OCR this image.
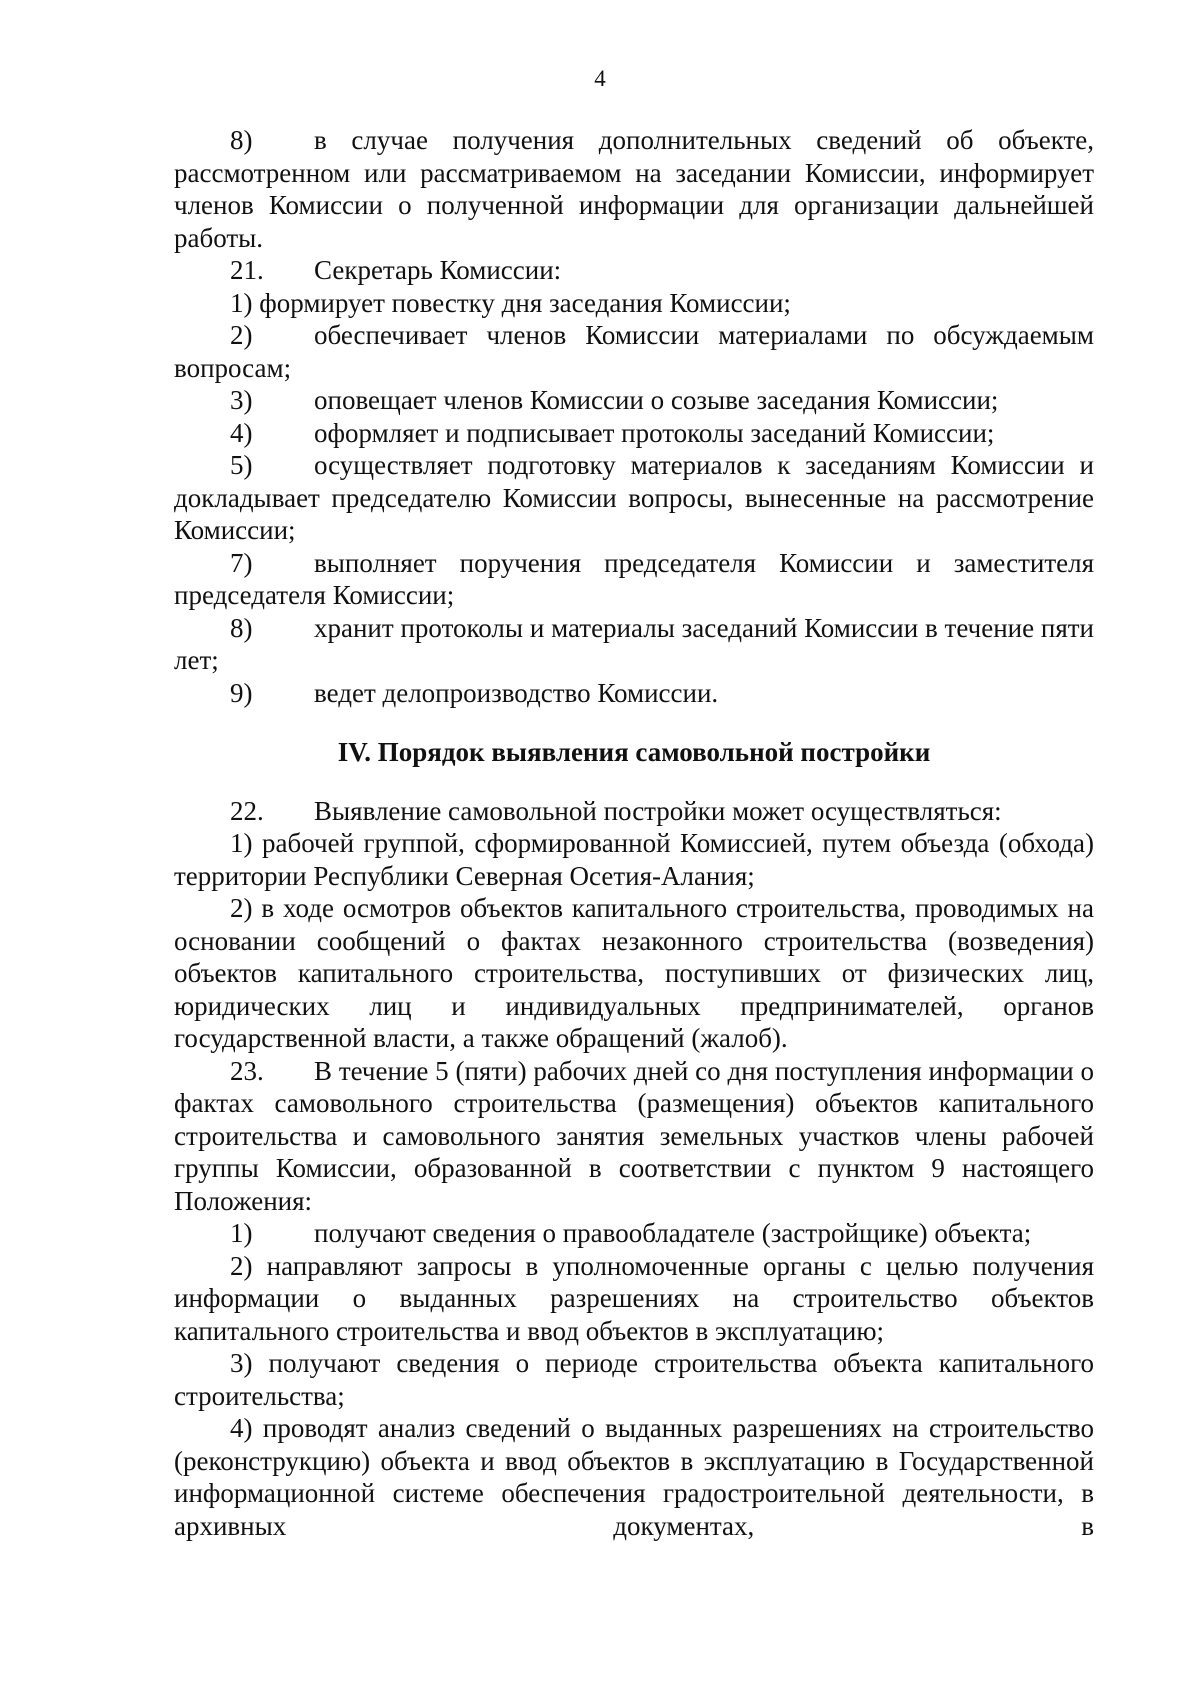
4
8) в случае получения дополнительных сведений об объекте, рассмотренном или рассматриваемом на заседании Комиссии, информирует членов Комиссии о полученной информации для организации дальнейшей работы.
21. Секретарь Комиссии:
1) формирует повестку дня заседания Комиссии;
2) обеспечивает членов Комиссии материалами по обсуждаемым вопросам;
3) оповещает членов Комиссии о созыве заседания Комиссии;
4) оформляет и подписывает протоколы заседаний Комиссии;
5) осуществляет подготовку материалов к заседаниям Комиссии и докладывает председателю Комиссии вопросы, вынесенные на рассмотрение Комиссии;
7) выполняет поручения председателя Комиссии и заместителя председателя Комиссии;
8) хранит протоколы и материалы заседаний Комиссии в течение пяти лет;
9) ведет делопроизводство Комиссии.
IV. Порядок выявления самовольной постройки
22. Выявление самовольной постройки может осуществляться:
1) рабочей группой, сформированной Комиссией, путем объезда (обхода) территории Республики Северная Осетия-Алания;
2) в ходе осмотров объектов капитального строительства, проводимых на основании сообщений о фактах незаконного строительства (возведения) объектов капитального строительства, поступивших от физических лиц, юридических лиц и индивидуальных предпринимателей, органов государственной власти, а также обращений (жалоб).
23. В течение 5 (пяти) рабочих дней со дня поступления информации о фактах самовольного строительства (размещения) объектов капитального строительства и самовольного занятия земельных участков члены рабочей группы Комиссии, образованной в соответствии с пунктом 9 настоящего Положения:
1) получают сведения о правообладателе (застройщике) объекта;
2) направляют запросы в уполномоченные органы с целью получения информации о выданных разрешениях на строительство объектов капитального строительства и ввод объектов в эксплуатацию;
3) получают сведения о периоде строительства объекта капитального строительства;
4) проводят анализ сведений о выданных разрешениях на строительство (реконструкцию) объекта и ввод объектов в эксплуатацию в Государственной информационной системе обеспечения градостроительной деятельности, в архивных документах, в
